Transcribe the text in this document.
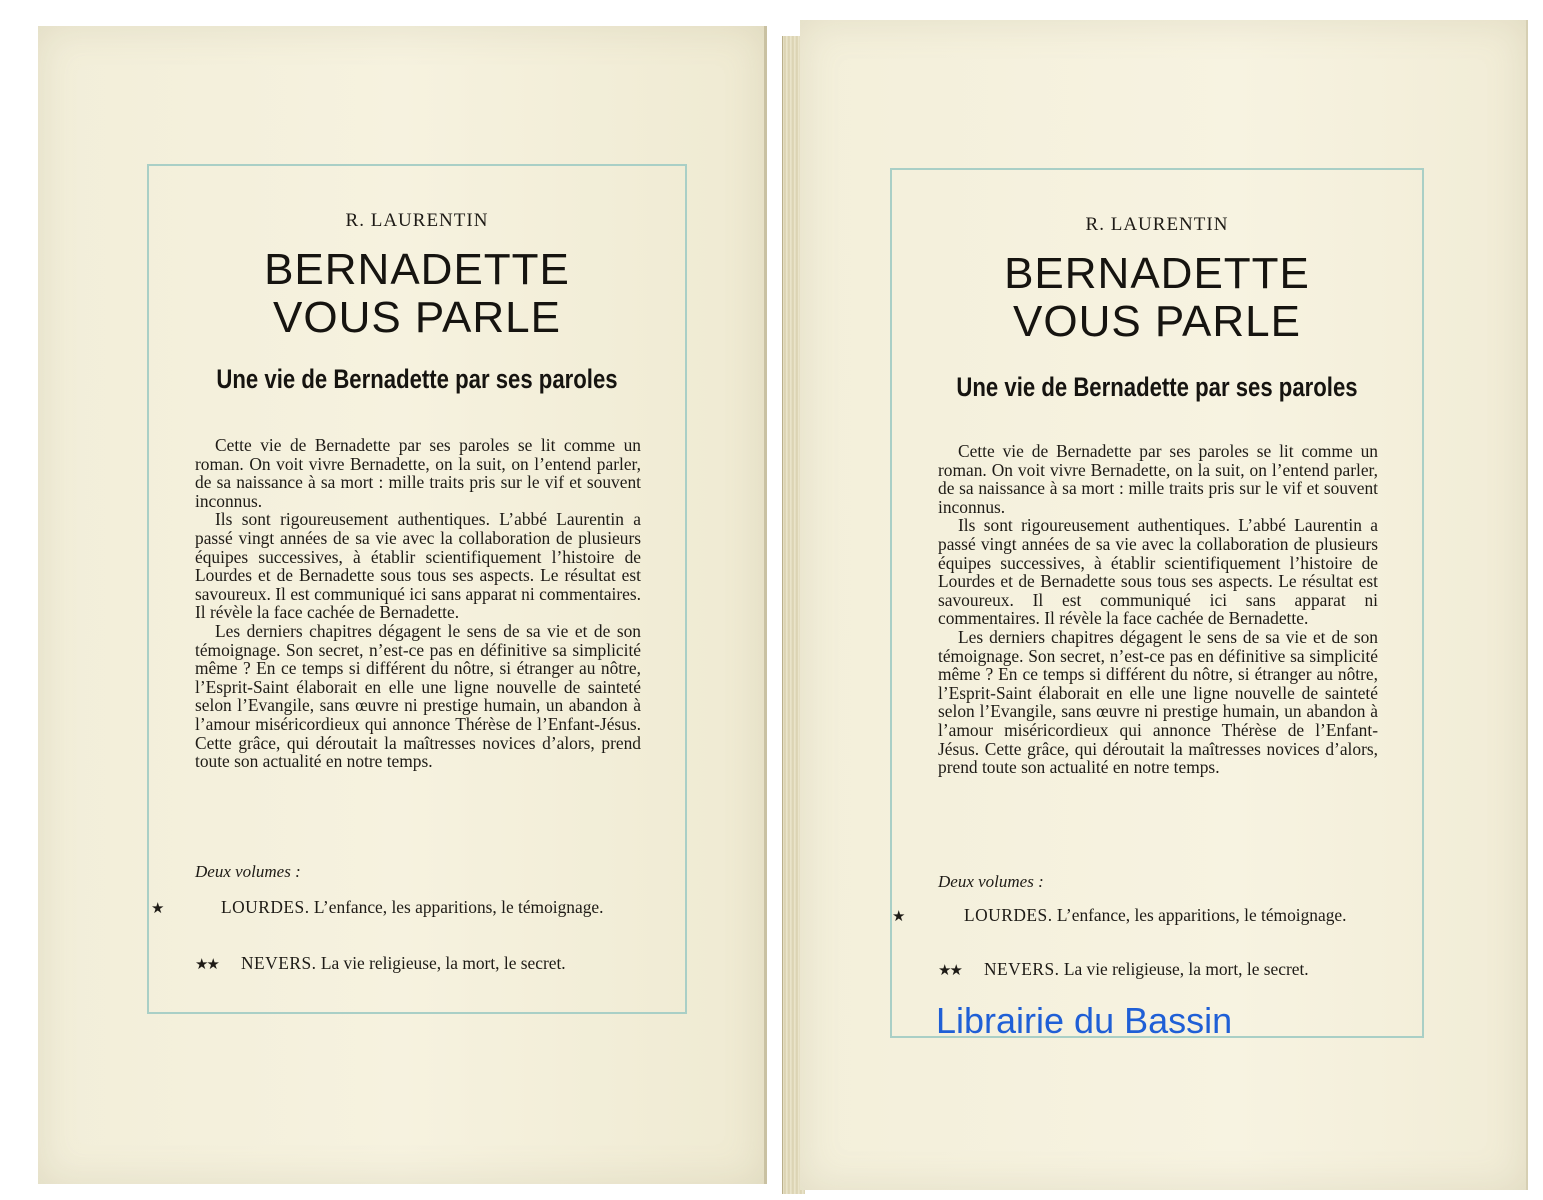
R. LAURENTIN
BERNADETTE
VOUS PARLE
Une vie de Bernadette par ses paroles

Cette vie de Bernadette par ses paroles se lit comme un roman. On voit vivre Bernadette, on la suit, on l’entend parler, de sa naissance à sa mort : mille traits pris sur le vif et souvent inconnus.

Ils sont rigoureusement authentiques. L’abbé Laurentin a passé vingt années de sa vie avec la collaboration de plusieurs équipes successives, à établir scientifiquement l’histoire de Lourdes et de Bernadette sous tous ses aspects. Le résultat est savoureux. Il est communiqué ici sans apparat ni commentaires. Il révèle la face cachée de Bernadette.

Les derniers chapitres dégagent le sens de sa vie et de son témoignage. Son secret, n’est-ce pas en définitive sa simplicité même ? En ce temps si différent du nôtre, si étranger au nôtre, l’Esprit-Saint élaborait en elle une ligne nouvelle de sainteté selon l’Evangile, sans œuvre ni prestige humain, un abandon à l’amour miséricordieux qui annonce Thérèse de l’Enfant-Jésus. Cette grâce, qui déroutait la maîtresses novices d’alors, prend toute son actualité en notre temps.

Deux volumes :
★	LOURDES. L’enfance, les apparitions, le témoignage.
★★ NEVERS. La vie religieuse, la mort, le secret.
R. LAURENTIN
BERNADETTE
VOUS PARLE
Une vie de Bernadette par ses paroles

Cette vie de Bernadette par ses paroles se lit comme un roman. On voit vivre Bernadette, on la suit, on l’entend parler, de sa naissance à sa mort : mille traits pris sur le vif et souvent inconnus.

Ils sont rigoureusement authentiques. L’abbé Laurentin a passé vingt années de sa vie avec la collaboration de plusieurs équipes successives, à établir scientifiquement l’histoire de Lourdes et de Bernadette sous tous ses aspects. Le résultat est savoureux. Il est communiqué ici sans apparat ni commentaires. Il révèle la face cachée de Bernadette.

Les derniers chapitres dégagent le sens de sa vie et de son témoignage. Son secret, n’est-ce pas en définitive sa simplicité même ? En ce temps si différent du nôtre, si étranger au nôtre, l’Esprit-Saint élaborait en elle une ligne nouvelle de sainteté selon l’Evangile, sans œuvre ni prestige humain, un abandon à l’amour miséricordieux qui annonce Thérèse de l’Enfant-Jésus. Cette grâce, qui déroutait la maîtresses novices d’alors, prend toute son actualité en notre temps.

Deux volumes :
★	LOURDES. L’enfance, les apparitions, le témoignage.
★★ NEVERS. La vie religieuse, la mort, le secret.
Librairie du Bassin
